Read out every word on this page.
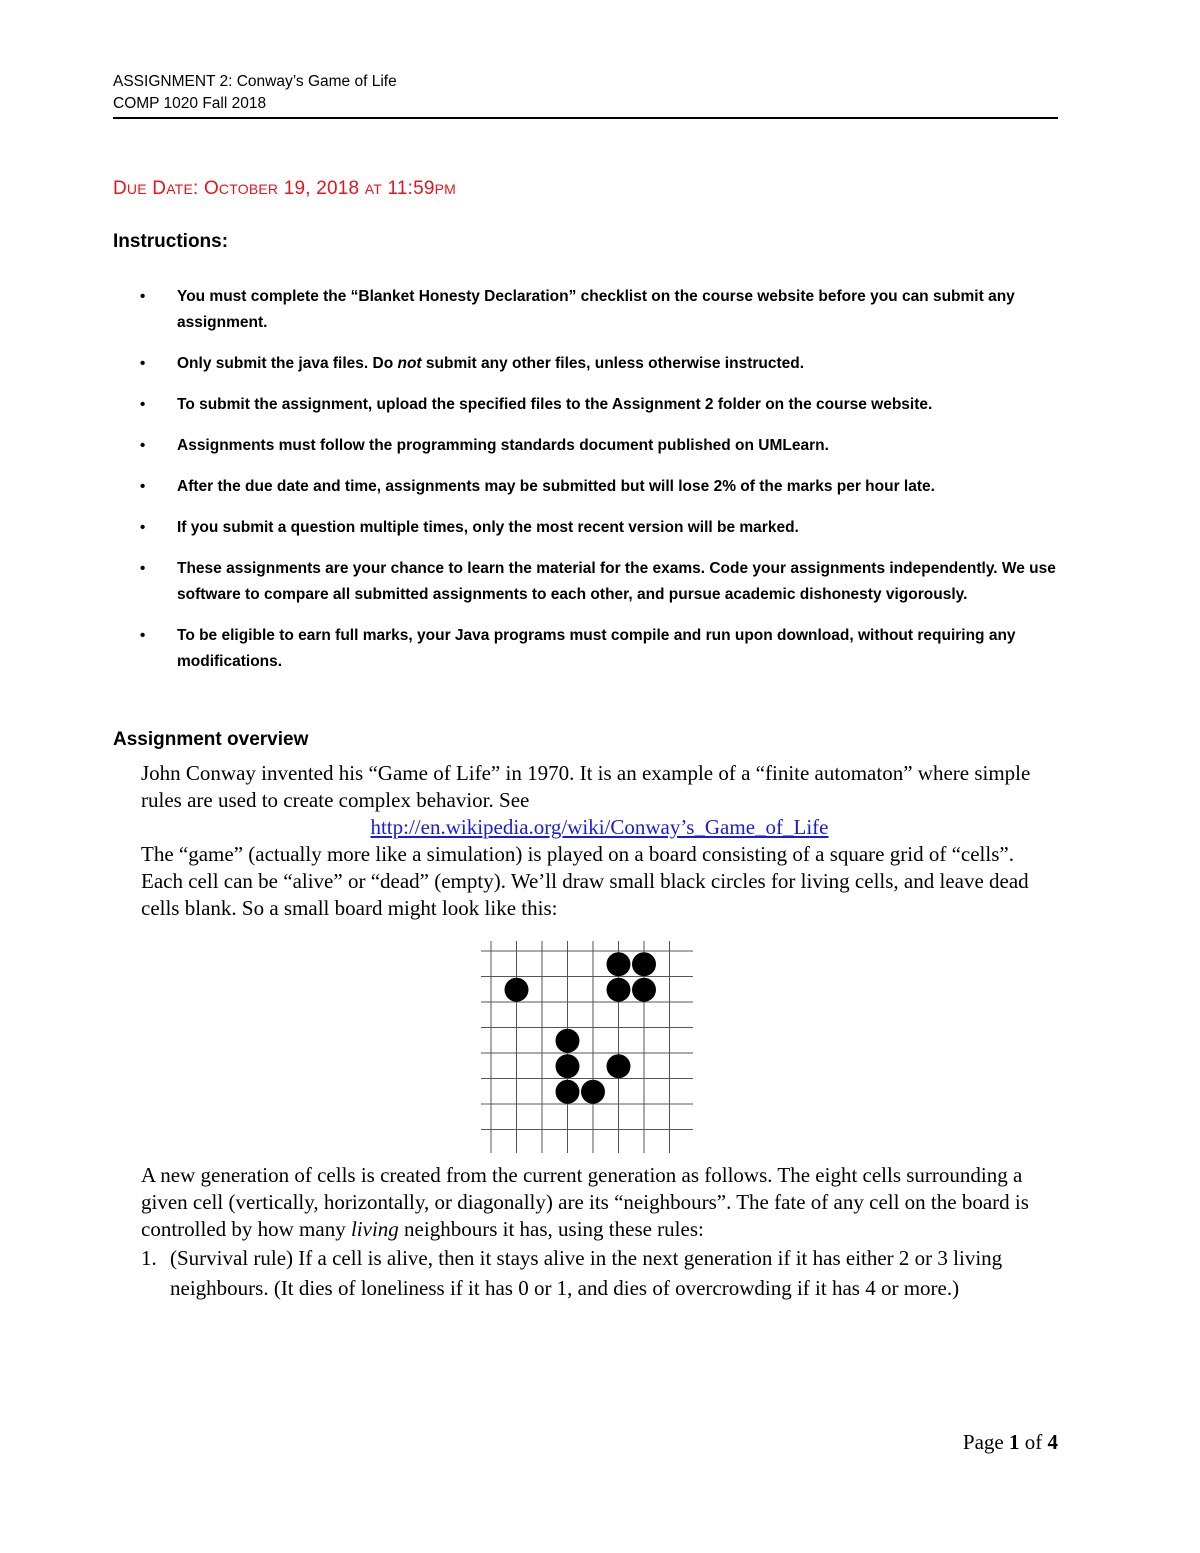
ASSIGNMENT 2: Conway’s Game of Life
COMP 1020 Fall 2018
DUE DATE: OCTOBER 19, 2018 AT 11:59PM
Instructions:
• You must complete the “Blanket Honesty Declaration” checklist on the course website before you can submit any assignment.
• Only submit the java files. Do not submit any other files, unless otherwise instructed.
• To submit the assignment, upload the specified files to the Assignment 2 folder on the course website.
• Assignments must follow the programming standards document published on UMLearn.
• After the due date and time, assignments may be submitted but will lose 2% of the marks per hour late.
• If you submit a question multiple times, only the most recent version will be marked.
• These assignments are your chance to learn the material for the exams. Code your assignments independently. We use software to compare all submitted assignments to each other, and pursue academic dishonesty vigorously.
• To be eligible to earn full marks, your Java programs must compile and run upon download, without requiring any modifications.
Assignment overview

John Conway invented his “Game of Life” in 1970. It is an example of a “finite automaton” where simple rules are used to create complex behavior. See

http://en.wikipedia.org/wiki/Conway’s_Game_of_Life

The “game” (actually more like a simulation) is played on a board consisting of a square grid of “cells”. Each cell can be “alive” or “dead” (empty). We’ll draw small black circles for living cells, and leave dead cells blank. So a small board might look like this:

A new generation of cells is created from the current generation as follows. The eight cells surrounding a given cell (vertically, horizontally, or diagonally) are its “neighbours”. The fate of any cell on the board is controlled by how many living neighbours it has, using these rules:

1. (Survival rule) If a cell is alive, then it stays alive in the next generation if it has either 2 or 3 living neighbours. (It dies of loneliness if it has 0 or 1, and dies of overcrowding if it has 4 or more.)
Page 1 of 4
